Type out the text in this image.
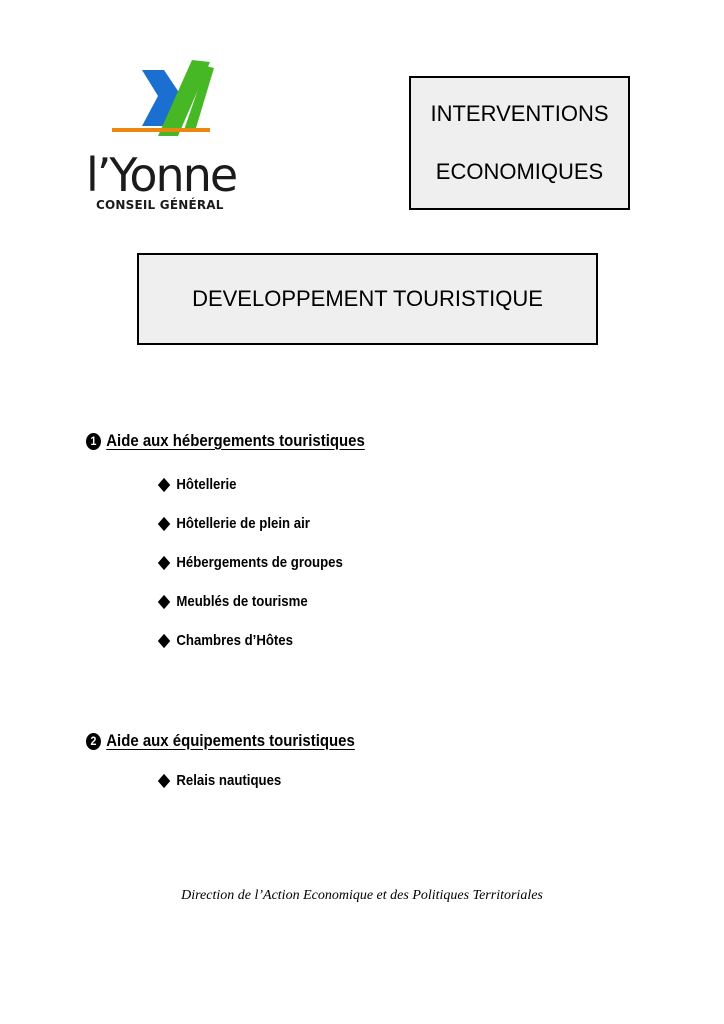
l’Yonne
CONSEIL GÉNÉRAL
INTERVENTIONS
ECONOMIQUES
DEVELOPPEMENT TOURISTIQUE
1 Aide aux hébergements touristiques
Hôtellerie
Hôtellerie de plein air
Hébergements de groupes
Meublés de tourisme
Chambres d’Hôtes
2 Aide aux équipements touristiques
Relais nautiques
Direction de l’Action Economique et des Politiques Territoriales
